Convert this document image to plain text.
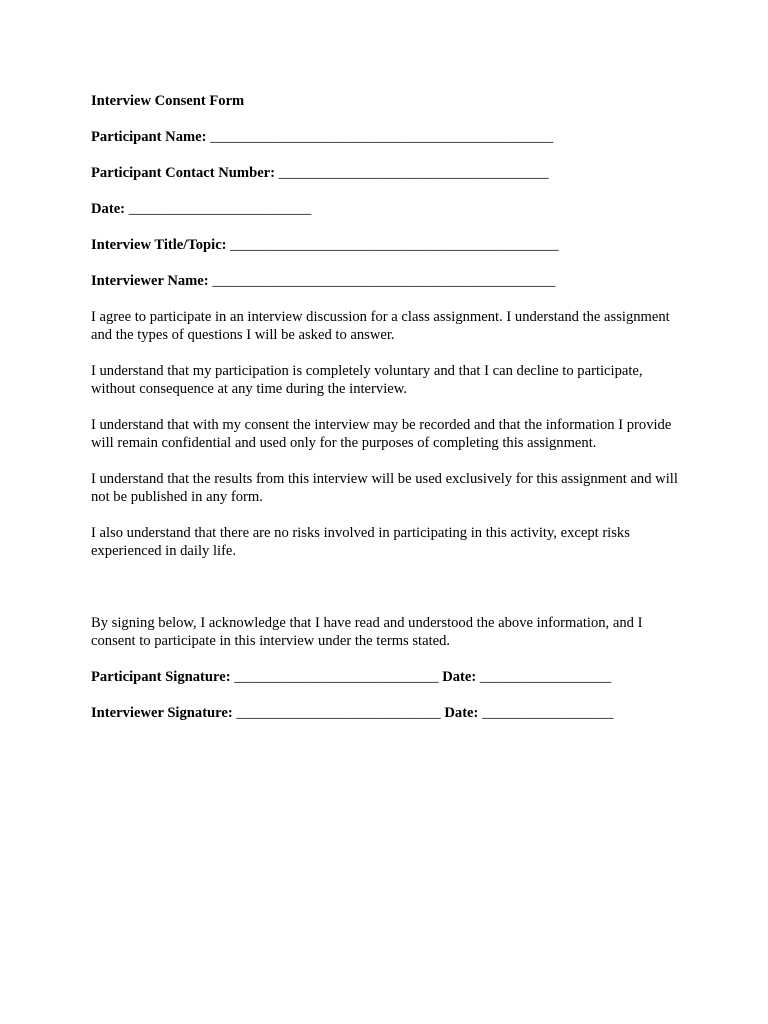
Interview Consent Form

Participant Name: _______________________________________________

Participant Contact Number: _____________________________________

Date: _________________________

Interview Title/Topic: _____________________________________________

Interviewer Name: _______________________________________________

I agree to participate in an interview discussion for a class assignment. I understand the assignment and the types of questions I will be asked to answer.

I understand that my participation is completely voluntary and that I can decline to participate, without consequence at any time during the interview.

I understand that with my consent the interview may be recorded and that the information I provide will remain confidential and used only for the purposes of completing this assignment.

I understand that the results from this interview will be used exclusively for this assignment and will not be published in any form.

I also understand that there are no risks involved in participating in this activity, except risks experienced in daily life.

By signing below, I acknowledge that I have read and understood the above information, and I consent to participate in this interview under the terms stated.

Participant Signature: ____________________________ Date: __________________

Interviewer Signature: ____________________________ Date: __________________
